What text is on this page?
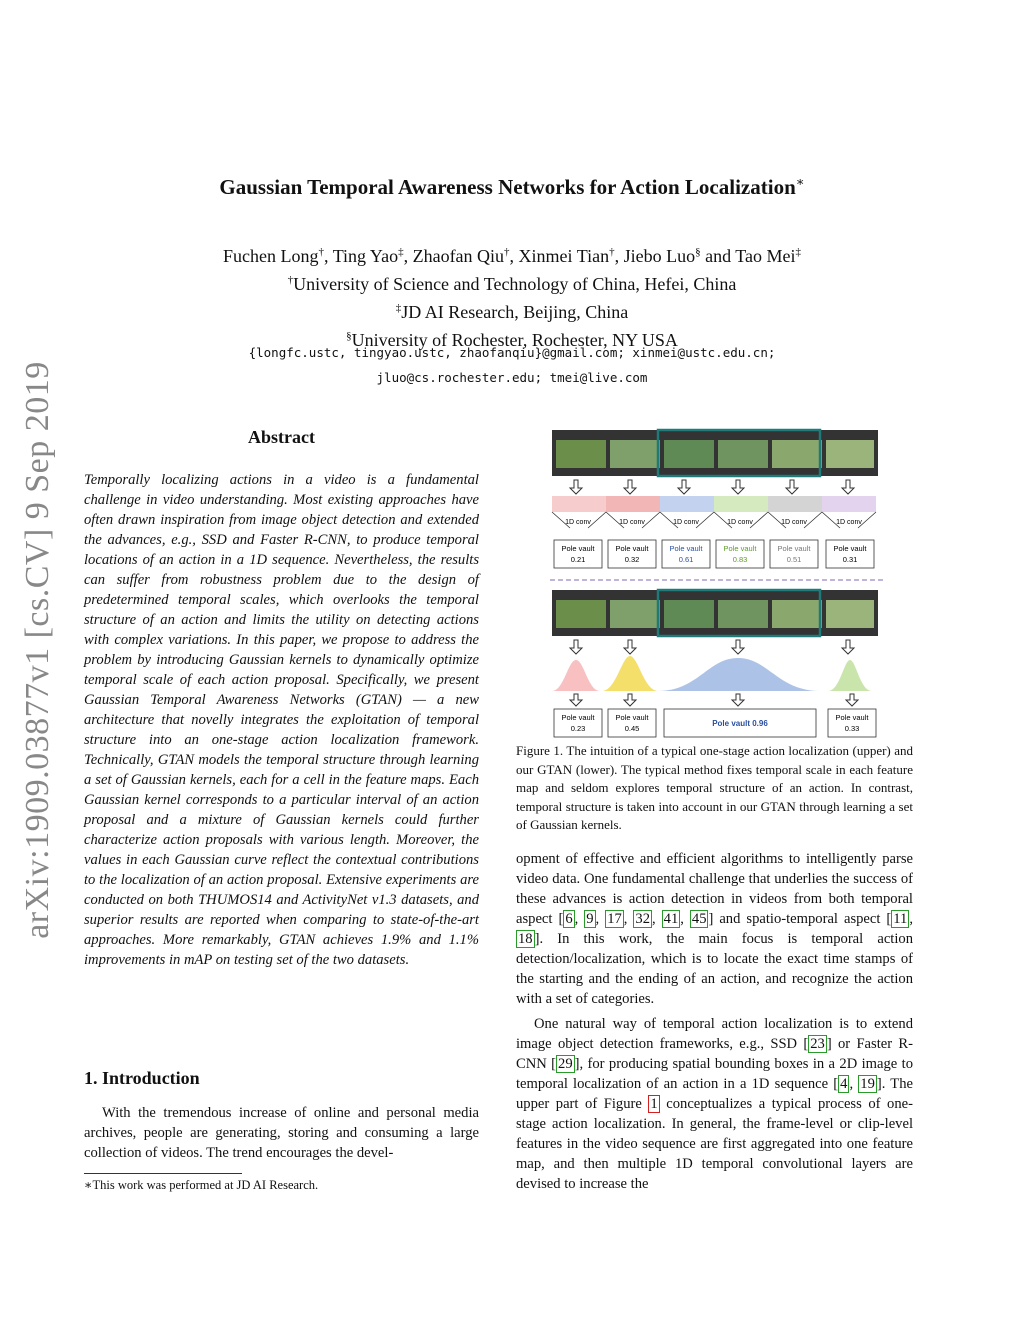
arXiv:1909.03877v1 [cs.CV] 9 Sep 2019
Gaussian Temporal Awareness Networks for Action Localization∗
Fuchen Long†, Ting Yao‡, Zhaofan Qiu†, Xinmei Tian†, Jiebo Luo§ and Tao Mei‡
†University of Science and Technology of China, Hefei, China
‡JD AI Research, Beijing, China
§University of Rochester, Rochester, NY USA
{longfc.ustc, tingyao.ustc, zhaofanqiu}@gmail.com; xinmei@ustc.edu.cn;
jluo@cs.rochester.edu; tmei@live.com
Abstract
Temporally localizing actions in a video is a fundamental challenge in video understanding. Most existing approaches have often drawn inspiration from image object detection and extended the advances, e.g., SSD and Faster R-CNN, to produce temporal locations of an action in a 1D sequence. Nevertheless, the results can suffer from robustness problem due to the design of predetermined temporal scales, which overlooks the temporal structure of an action and limits the utility on detecting actions with complex variations. In this paper, we propose to address the problem by introducing Gaussian kernels to dynamically optimize temporal scale of each action proposal. Specifically, we present Gaussian Temporal Awareness Networks (GTAN) — a new architecture that novelly integrates the exploitation of temporal structure into an one-stage action localization framework. Technically, GTAN models the temporal structure through learning a set of Gaussian kernels, each for a cell in the feature maps. Each Gaussian kernel corresponds to a particular interval of an action proposal and a mixture of Gaussian kernels could further characterize action proposals with various length. Moreover, the values in each Gaussian curve reflect the contextual contributions to the localization of an action proposal. Extensive experiments are conducted on both THUMOS14 and ActivityNet v1.3 datasets, and superior results are reported when comparing to state-of-the-art approaches. More remarkably, GTAN achieves 1.9% and 1.1% improvements in mAP on testing set of the two datasets.
1. Introduction
With the tremendous increase of online and personal media archives, people are generating, storing and consuming a large collection of videos. The trend encourages the devel-
∗This work was performed at JD AI Research.
1D conv	1D conv	1D conv	1D conv	1D conv	1D conv
Pole vault
0.21
Pole vault
0.32
Pole vault
0.61
Pole vault
0.83
Pole vault
0.51
Pole vault
0.31
Pole vault
0.23
Pole vault
0.45
Pole vault 0.96
Pole vault
0.33
Figure 1. The intuition of a typical one-stage action localization (upper) and our GTAN (lower). The typical method fixes temporal scale in each feature map and seldom explores temporal structure of an action. In contrast, temporal structure is taken into account in our GTAN through learning a set of Gaussian kernels.
opment of effective and efficient algorithms to intelligently parse video data. One fundamental challenge that underlies the success of these advances is action detection in videos from both temporal aspect [ 6 , 9 , 17 , 32 , 41 , 45 ] and spatio-temporal aspect [ 11 , 18 ]. In this work, the main focus is temporal action detection/localization, which is to locate the exact time stamps of the starting and the ending of an action, and recognize the action with a set of categories.
One natural way of temporal action localization is to extend image object detection frameworks, e.g., SSD [ 23 ] or Faster R-CNN [ 29 ], for producing spatial bounding boxes in a 2D image to temporal localization of an action in a 1D sequence [ 4 , 19 ]. The upper part of Figure 1 conceptualizes a typical process of one-stage action localization. In general, the frame-level or clip-level features in the video sequence are first aggregated into one feature map, and then multiple 1D temporal convolutional layers are devised to increase the
